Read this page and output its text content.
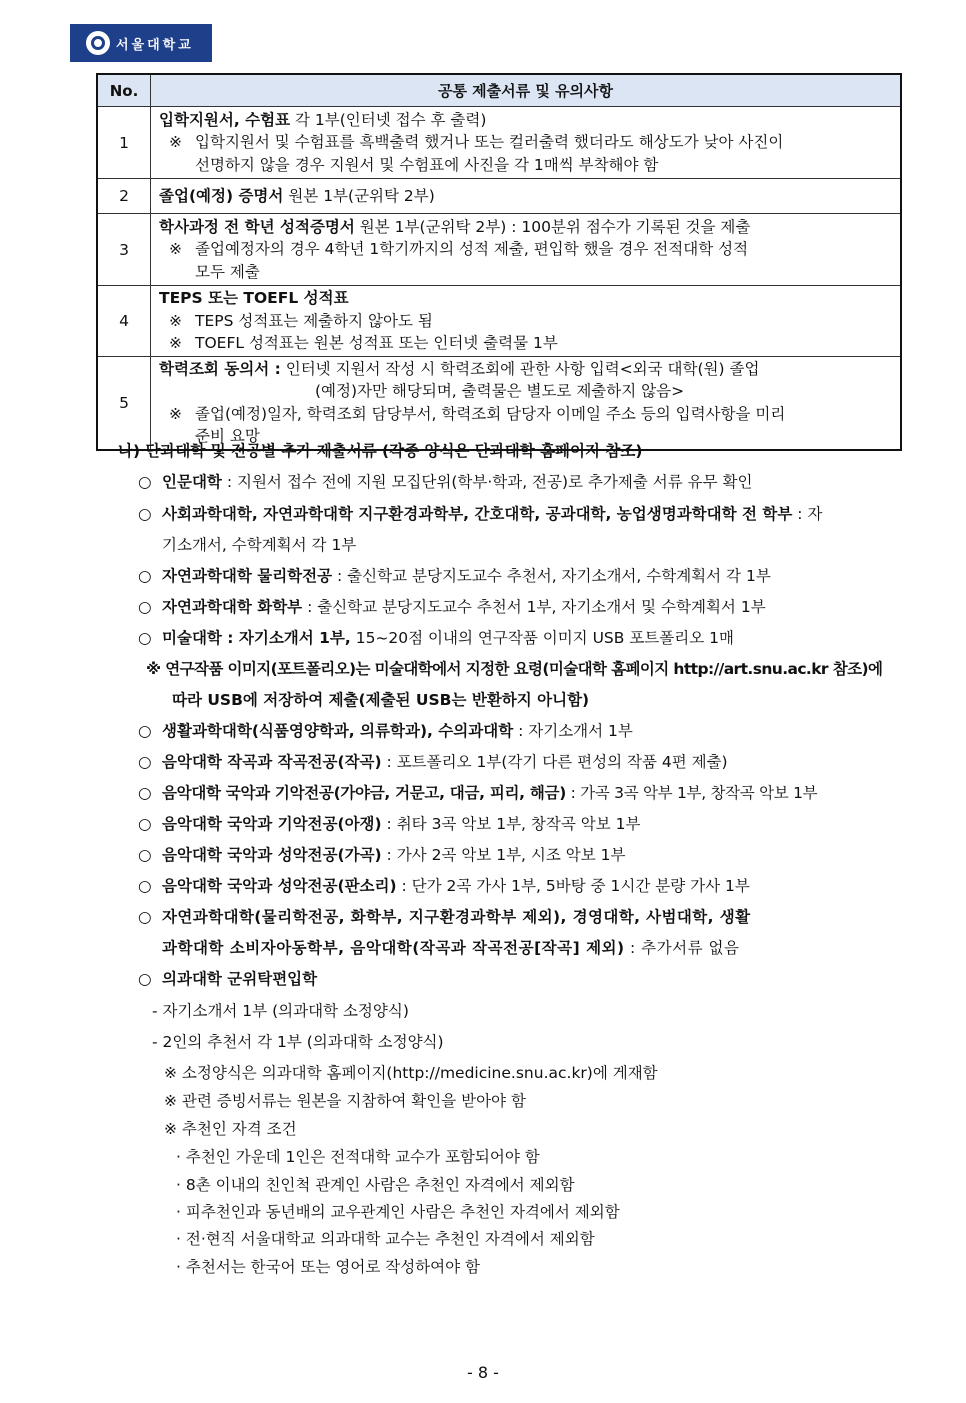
서울대학교
No.	공통 제출서류 및 유의사항
1	입학지원서, 수험표 각 1부(인터넷 접수 후 출력)
※ 입학지원서 및 수험표를 흑백출력 했거나 또는 컬러출력 했더라도 해상도가 낮아 사진이
선명하지 않을 경우 지원서 및 수험표에 사진을 각 1매씩 부착해야 함

2	졸업(예정) 증명서 원본 1부(군위탁 2부)

3	학사과정 전 학년 성적증명서 원본 1부(군위탁 2부) : 100분위 점수가 기록된 것을 제출
※ 졸업예정자의 경우 4학년 1학기까지의 성적 제출, 편입학 했을 경우 전적대학 성적
모두 제출

4	TEPS 또는 TOEFL 성적표
※ TEPS 성적표는 제출하지 않아도 됨
※ TOEFL 성적표는 원본 성적표 또는 인터넷 출력물 1부

5	학력조회 동의서 : 인터넷 지원서 작성 시 학력조회에 관한 사항 입력<외국 대학(원) 졸업
(예정)자만 해당되며, 출력물은 별도로 제출하지 않음>
※ 졸업(예정)일자, 학력조회 담당부서, 학력조회 담당자 이메일 주소 등의 입력사항을 미리
준비 요망
나) 단과대학 및 전공별 추가 제출서류 (각종 양식은 단과대학 홈페이지 참조)
○ 인문대학 : 지원서 접수 전에 지원 모집단위(학부·학과, 전공)로 추가제출 서류 유무 확인
○ 사회과학대학, 자연과학대학 지구환경과학부, 간호대학, 공과대학, 농업생명과학대학 전 학부 : 자
기소개서, 수학계획서 각 1부
○ 자연과학대학 물리학전공 : 출신학교 분당지도교수 추천서, 자기소개서, 수학계획서 각 1부
○ 자연과학대학 화학부 : 출신학교 분당지도교수 추천서 1부, 자기소개서 및 수학계획서 1부
○ 미술대학 : 자기소개서 1부, 15~20점 이내의 연구작품 이미지 USB 포트폴리오 1매
※ 연구작품 이미지(포트폴리오)는 미술대학에서 지정한 요령(미술대학 홈페이지 http://art.snu.ac.kr 참조)에
따라 USB에 저장하여 제출(제출된 USB는 반환하지 아니함)
○ 생활과학대학(식품영양학과, 의류학과), 수의과대학 : 자기소개서 1부
○ 음악대학 작곡과 작곡전공(작곡) : 포트폴리오 1부(각기 다른 편성의 작품 4편 제출)
○ 음악대학 국악과 기악전공(가야금, 거문고, 대금, 피리, 해금) : 가곡 3곡 악부 1부, 창작곡 악보 1부
○ 음악대학 국악과 기악전공(아쟁) : 취타 3곡 악보 1부, 창작곡 악보 1부
○ 음악대학 국악과 성악전공(가곡) : 가사 2곡 악보 1부, 시조 악보 1부
○ 음악대학 국악과 성악전공(판소리) : 단가 2곡 가사 1부, 5바탕 중 1시간 분량 가사 1부
○ 자연과학대학(물리학전공, 화학부, 지구환경과학부 제외), 경영대학, 사범대학, 생활
과학대학 소비자아동학부, 음악대학(작곡과 작곡전공[작곡] 제외) : 추가서류 없음
○ 의과대학 군위탁편입학
- 자기소개서 1부 (의과대학 소정양식)
- 2인의 추천서 각 1부 (의과대학 소정양식)
※ 소정양식은 의과대학 홈페이지(http://medicine.snu.ac.kr)에 게재함
※ 관련 증빙서류는 원본을 지참하여 확인을 받아야 함
※ 추천인 자격 조건
· 추천인 가운데 1인은 전적대학 교수가 포함되어야 함
· 8촌 이내의 친인척 관계인 사람은 추천인 자격에서 제외함
· 피추천인과 동년배의 교우관계인 사람은 추천인 자격에서 제외함
· 전·현직 서울대학교 의과대학 교수는 추천인 자격에서 제외함
· 추천서는 한국어 또는 영어로 작성하여야 함
- 8 -
